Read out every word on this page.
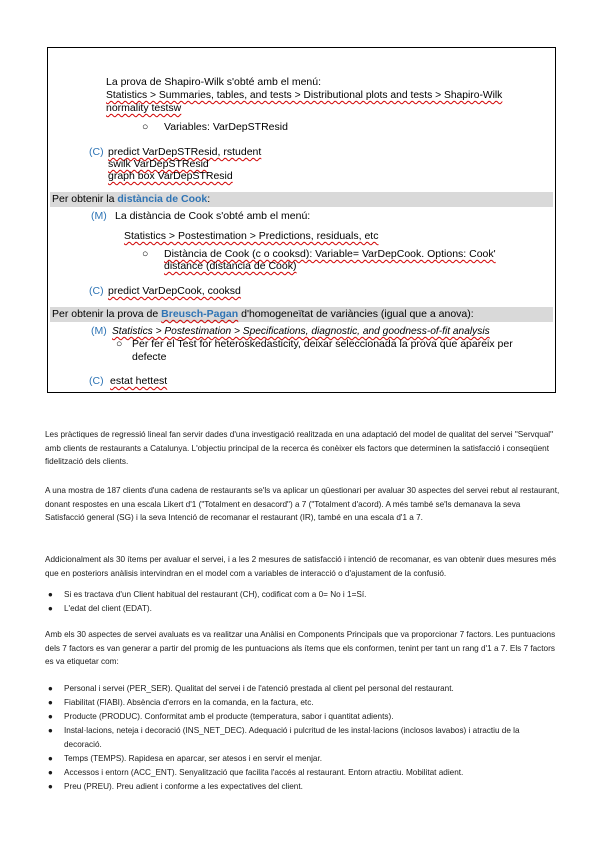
La prova de Shapiro-Wilk s'obté amb el menú:
Statistics > Summaries, tables, and tests > Distributional plots and tests > Shapiro-Wilk
normality testsw
○ Variables: VarDepSTResid
(C) predict VarDepSTResid, rstudent
swilk VarDepSTResid
graph box VarDepSTResid
Per obtenir la distància de Cook:
(M) La distància de Cook s'obté amb el menú:
Statistics > Postestimation > Predictions, residuals, etc
○ Distància de Cook (c o cooksd): Variable= VarDepCook. Options: Cook'
distance (distancia de Cook)
(C) predict VarDepCook, cooksd
Per obtenir la prova de Breusch-Pagan d'homogeneïtat de variàncies (igual que a anova):
(M) Statistics > Postestimation > Specifications, diagnostic, and goodness-of-fit analysis
○ Per fer el Test for heteroskedasticity, deixar seleccionada la prova que apareix per
defecte
(C) estat hettest
Les pràctiques de regressió lineal fan servir dades d'una investigació realitzada en una adaptació del model de qualitat del servei "Servqual" amb clients de restaurants a Catalunya. L'objectiu principal de la recerca és conèixer els factors que determinen la satisfacció i conseqüent fidelització dels clients.
A una mostra de 187 clients d'una cadena de restaurants se'ls va aplicar un qüestionari per avaluar 30 aspectes del servei rebut al restaurant, donant respostes en una escala Likert d'1 ("Totalment en desacord") a 7 ("Totalment d'acord). A més també se'ls demanava la seva Satisfacció general (SG) i la seva Intenció de recomanar el restaurant (IR), també en una escala d'1 a 7.
Addicionalment als 30 ítems per avaluar el servei, i a les 2 mesures de satisfacció i intenció de recomanar, es van obtenir dues mesures més que en posteriors anàlisis intervindran en el model com a variables de interacció o d'ajustament de la confusió.
● Si es tractava d'un Client habitual del restaurant (CH), codificat com a 0= No i 1=Sí.
● L'edat del client (EDAT).
Amb els 30 aspectes de servei avaluats es va realitzar una Anàlisi en Components Principals que va proporcionar 7 factors. Les puntuacions dels 7 factors es van generar a partir del promig de les puntuacions als ítems que els conformen, tenint per tant un rang d'1 a 7. Els 7 factors es va etiquetar com:
● Personal i servei (PER_SER). Qualitat del servei i de l'atenció prestada al client pel personal del restaurant.
● Fiabilitat (FIABI). Absència d'errors en la comanda, en la factura, etc.
● Producte (PRODUC). Conformitat amb el producte (temperatura, sabor i quantitat adients).
● Instal·lacions, neteja i decoració (INS_NET_DEC). Adequació i pulcritud de les instal·lacions (inclosos lavabos) i atractiu de la decoració.
● Temps (TEMPS). Rapidesa en aparcar, ser atesos i en servir el menjar.
● Accessos i entorn (ACC_ENT). Senyalització que facilita l'accés al restaurant. Entorn atractiu. Mobilitat adient.
● Preu (PREU). Preu adient i conforme a les expectatives del client.
